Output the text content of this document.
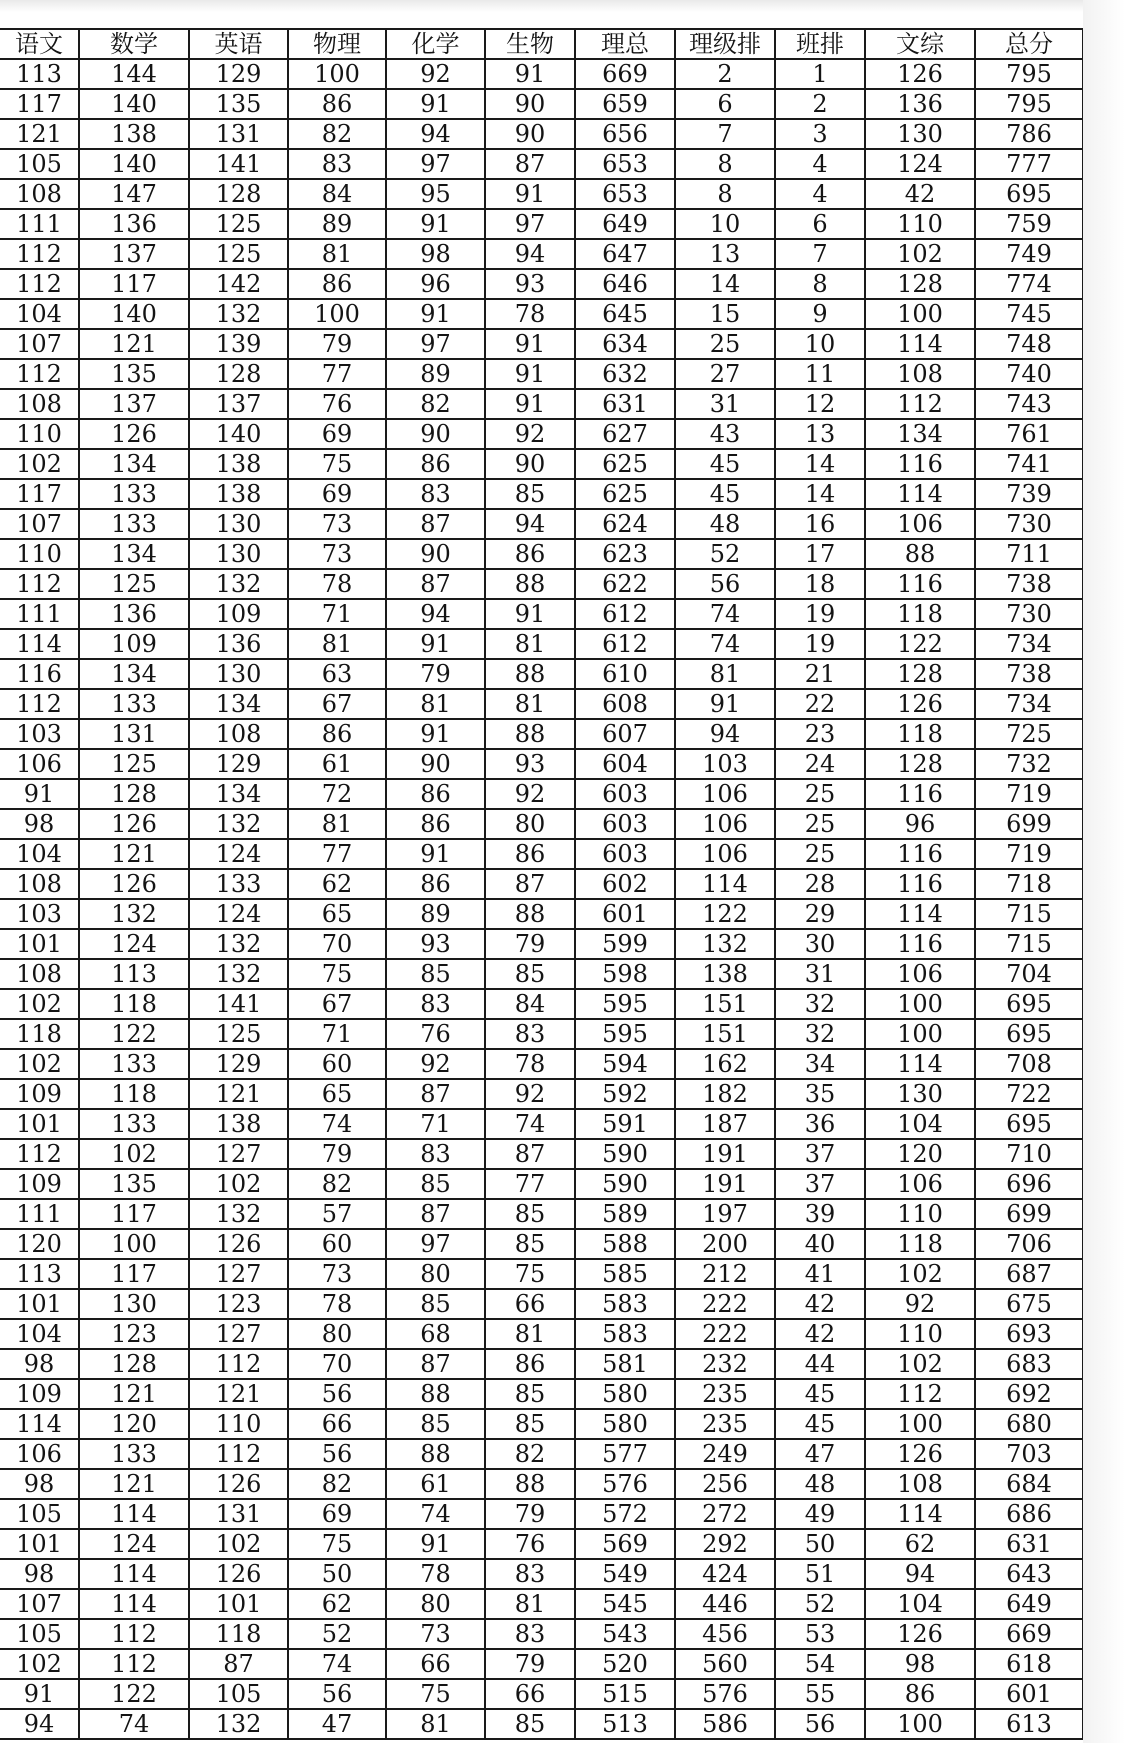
语文	数学	英语	物理	化学	生物	理总	理级排	班排	文综	总分
113	144	129	100	92	91	669	2	1	126	795
117	140	135	86	91	90	659	6	2	136	795
121	138	131	82	94	90	656	7	3	130	786
105	140	141	83	97	87	653	8	4	124	777
108	147	128	84	95	91	653	8	4	42	695
111	136	125	89	91	97	649	10	6	110	759
112	137	125	81	98	94	647	13	7	102	749
112	117	142	86	96	93	646	14	8	128	774
104	140	132	100	91	78	645	15	9	100	745
107	121	139	79	97	91	634	25	10	114	748
112	135	128	77	89	91	632	27	11	108	740
108	137	137	76	82	91	631	31	12	112	743
110	126	140	69	90	92	627	43	13	134	761
102	134	138	75	86	90	625	45	14	116	741
117	133	138	69	83	85	625	45	14	114	739
107	133	130	73	87	94	624	48	16	106	730
110	134	130	73	90	86	623	52	17	88	711
112	125	132	78	87	88	622	56	18	116	738
111	136	109	71	94	91	612	74	19	118	730
114	109	136	81	91	81	612	74	19	122	734
116	134	130	63	79	88	610	81	21	128	738
112	133	134	67	81	81	608	91	22	126	734
103	131	108	86	91	88	607	94	23	118	725
106	125	129	61	90	93	604	103	24	128	732
91	128	134	72	86	92	603	106	25	116	719
98	126	132	81	86	80	603	106	25	96	699
104	121	124	77	91	86	603	106	25	116	719
108	126	133	62	86	87	602	114	28	116	718
103	132	124	65	89	88	601	122	29	114	715
101	124	132	70	93	79	599	132	30	116	715
108	113	132	75	85	85	598	138	31	106	704
102	118	141	67	83	84	595	151	32	100	695
118	122	125	71	76	83	595	151	32	100	695
102	133	129	60	92	78	594	162	34	114	708
109	118	121	65	87	92	592	182	35	130	722
101	133	138	74	71	74	591	187	36	104	695
112	102	127	79	83	87	590	191	37	120	710
109	135	102	82	85	77	590	191	37	106	696
111	117	132	57	87	85	589	197	39	110	699
120	100	126	60	97	85	588	200	40	118	706
113	117	127	73	80	75	585	212	41	102	687
101	130	123	78	85	66	583	222	42	92	675
104	123	127	80	68	81	583	222	42	110	693
98	128	112	70	87	86	581	232	44	102	683
109	121	121	56	88	85	580	235	45	112	692
114	120	110	66	85	85	580	235	45	100	680
106	133	112	56	88	82	577	249	47	126	703
98	121	126	82	61	88	576	256	48	108	684
105	114	131	69	74	79	572	272	49	114	686
101	124	102	75	91	76	569	292	50	62	631
98	114	126	50	78	83	549	424	51	94	643
107	114	101	62	80	81	545	446	52	104	649
105	112	118	52	73	83	543	456	53	126	669
102	112	87	74	66	79	520	560	54	98	618
91	122	105	56	75	66	515	576	55	86	601
94	74	132	47	81	85	513	586	56	100	613
